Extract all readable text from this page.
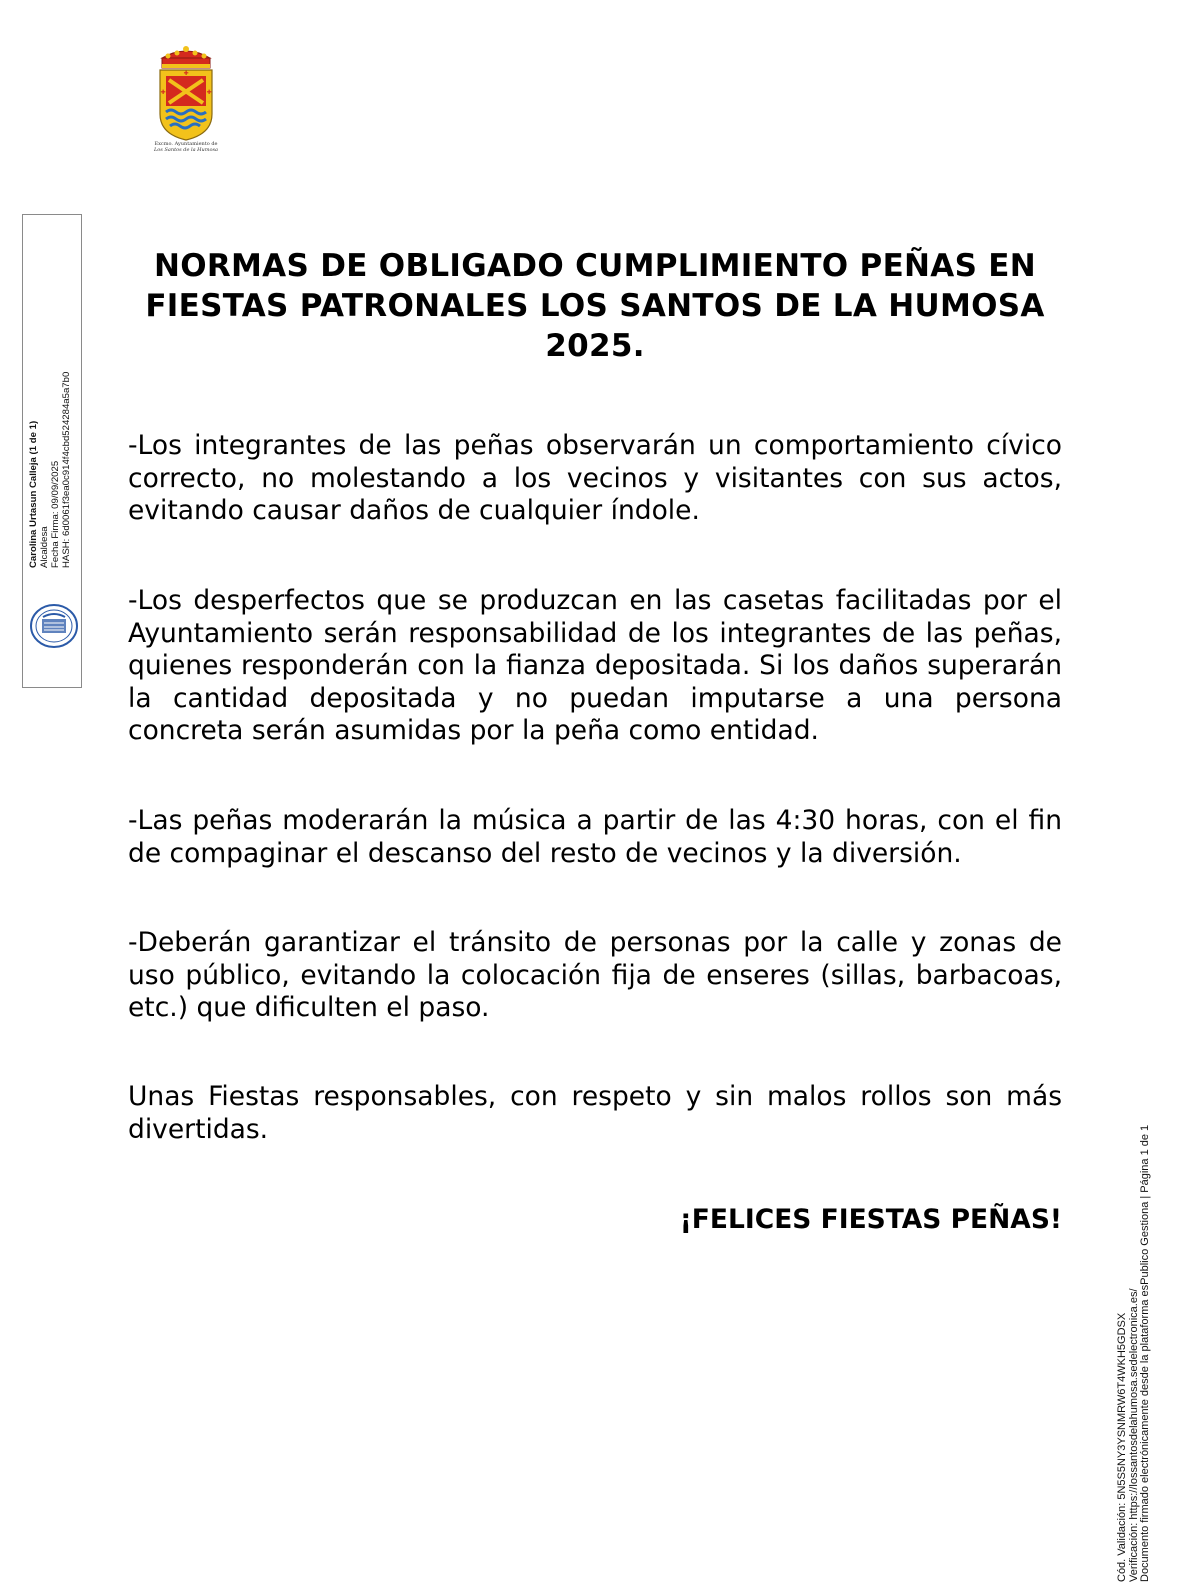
✚
✚	✚
Excmo. Ayuntamiento de
Los Santos de la Humosa
Carolina Urtasun Calleja (1 de 1) Alcaldesa Fecha Firma: 09/09/2025 HASH: 6d0061f3ea0c914f4cbd524284a5a7b0
NORMAS DE OBLIGADO CUMPLIMIENTO PEÑAS EN FIESTAS PATRONALES LOS SANTOS DE LA HUMOSA 2025.
-Los integrantes de las peñas observarán un comportamiento cívico correcto, no molestando a los vecinos y visitantes con sus actos, evitando causar daños de cualquier índole.
-Los desperfectos que se produzcan en las casetas facilitadas por el Ayuntamiento serán responsabilidad de los integrantes de las peñas, quienes responderán con la fianza depositada. Si los daños superarán la cantidad depositada y no puedan imputarse a una persona concreta serán asumidas por la peña como entidad.
-Las peñas moderarán la música a partir de las 4:30 horas, con el fin de compaginar el descanso del resto de vecinos y la diversión.
-Deberán garantizar el tránsito de personas por la calle y zonas de uso público, evitando la colocación fija de enseres (sillas, barbacoas, etc.) que dificulten el paso.
Unas Fiestas responsables, con respeto y sin malos rollos son más divertidas.
¡FELICES FIESTAS PEÑAS!
Cód. Validación: 5N5S5NY3YSNMRW6T4WKH5GDSX Verificación: https://lossantosdelahumosa.sedelectronica.es/ Documento firmado electrónicamente desde la plataforma esPublico Gestiona | Página 1 de 1
